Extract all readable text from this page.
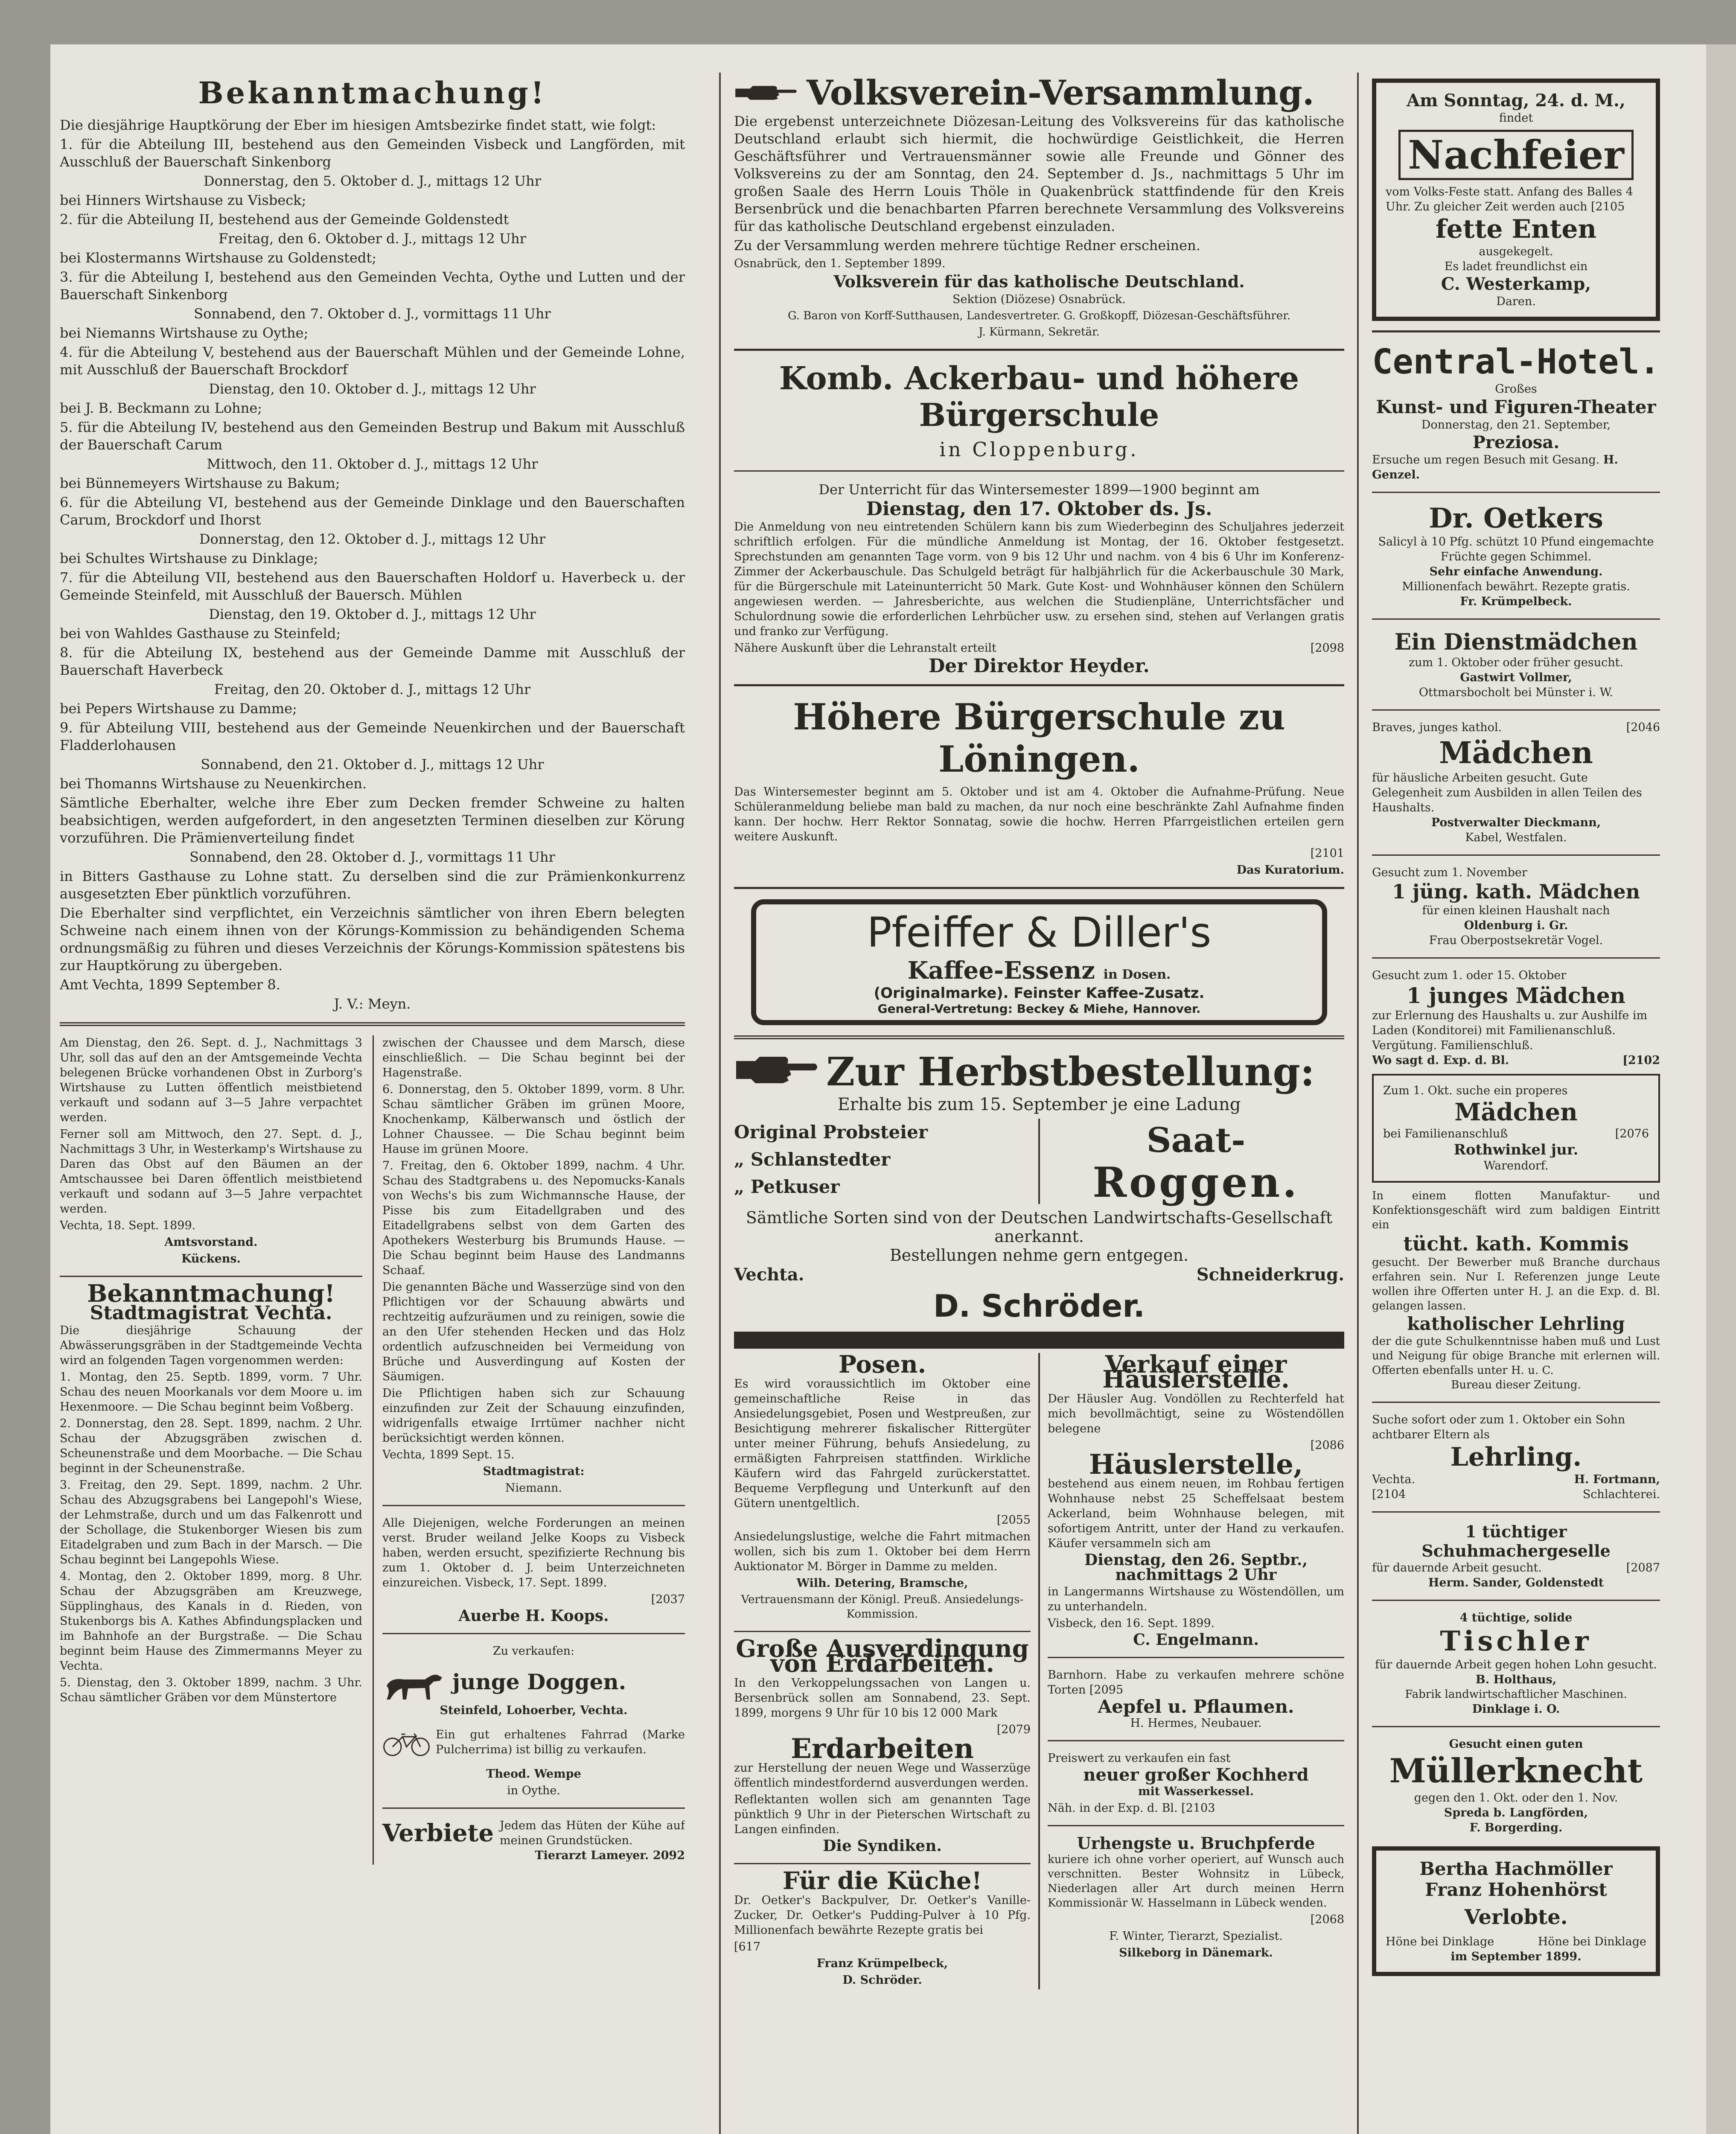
Bekanntmachung!

Die diesjährige Hauptkörung der Eber im hiesigen Amtsbezirke findet statt, wie folgt:

1. für die Abteilung III, bestehend aus den Gemeinden Visbeck und Langförden, mit Ausschluß der Bauerschaft Sinkenborg

Donnerstag, den 5. Oktober d. J., mittags 12 Uhr

bei Hinners Wirtshause zu Visbeck;

2. für die Abteilung II, bestehend aus der Gemeinde Goldenstedt

Freitag, den 6. Oktober d. J., mittags 12 Uhr

bei Klostermanns Wirtshause zu Goldenstedt;

3. für die Abteilung I, bestehend aus den Gemeinden Vechta, Oythe und Lutten und der Bauerschaft Sinkenborg

Sonnabend, den 7. Oktober d. J., vormittags 11 Uhr

bei Niemanns Wirtshause zu Oythe;

4. für die Abteilung V, bestehend aus der Bauerschaft Mühlen und der Gemeinde Lohne, mit Ausschluß der Bauerschaft Brockdorf

Dienstag, den 10. Oktober d. J., mittags 12 Uhr

bei J. B. Beckmann zu Lohne;

5. für die Abteilung IV, bestehend aus den Gemeinden Bestrup und Bakum mit Ausschluß der Bauerschaft Carum

Mittwoch, den 11. Oktober d. J., mittags 12 Uhr

bei Bünnemeyers Wirtshause zu Bakum;

6. für die Abteilung VI, bestehend aus der Gemeinde Dinklage und den Bauerschaften Carum, Brockdorf und Ihorst

Donnerstag, den 12. Oktober d. J., mittags 12 Uhr

bei Schultes Wirtshause zu Dinklage;

7. für die Abteilung VII, bestehend aus den Bauerschaften Holdorf u. Haverbeck u. der Gemeinde Steinfeld, mit Ausschluß der Bauersch. Mühlen

Dienstag, den 19. Oktober d. J., mittags 12 Uhr

bei von Wahldes Gasthause zu Steinfeld;

8. für die Abteilung IX, bestehend aus der Gemeinde Damme mit Ausschluß der Bauerschaft Haverbeck

Freitag, den 20. Oktober d. J., mittags 12 Uhr

bei Pepers Wirtshause zu Damme;

9. für Abteilung VIII, bestehend aus der Gemeinde Neuenkirchen und der Bauerschaft Fladderlohausen

Sonnabend, den 21. Oktober d. J., mittags 12 Uhr

bei Thomanns Wirtshause zu Neuenkirchen.

Sämtliche Eberhalter, welche ihre Eber zum Decken fremder Schweine zu halten beabsichtigen, werden aufgefordert, in den angesetzten Terminen dieselben zur Körung vorzuführen. Die Prämienverteilung findet

Sonnabend, den 28. Oktober d. J., vormittags 11 Uhr

in Bitters Gasthause zu Lohne statt. Zu derselben sind die zur Prämienkonkurrenz ausgesetzten Eber pünktlich vorzuführen.

Die Eberhalter sind verpflichtet, ein Verzeichnis sämtlicher von ihren Ebern belegten Schweine nach einem ihnen von der Körungs-Kommission zu behändigenden Schema ordnungsmäßig zu führen und dieses Verzeichnis der Körungs-Kommission spätestens bis zur Hauptkörung zu übergeben.

Amt Vechta, 1899 September 8.

J. V.: Meyn.

Am Dienstag, den 26. Sept. d. J., Nachmittags 3 Uhr, soll das auf den an der Amtsgemeinde Vechta belegenen Brücke vorhandenen Obst in Zurborg's Wirtshause zu Lutten öffentlich meistbietend verkauft und sodann auf 3—5 Jahre verpachtet werden.

Ferner soll am Mittwoch, den 27. Sept. d. J., Nachmittags 3 Uhr, in Westerkamp's Wirtshause zu Daren das Obst auf den Bäumen an der Amtschaussee bei Daren öffentlich meistbietend verkauft und sodann auf 3—5 Jahre verpachtet werden.

Vechta, 18. Sept. 1899.

Amtsvorstand.

Kückens.

Bekanntmachung!
Stadtmagistrat Vechta.

Die diesjährige Schauung der Abwässerungsgräben in der Stadtgemeinde Vechta wird an folgenden Tagen vorgenommen werden:

1. Montag, den 25. Septb. 1899, vorm. 7 Uhr. Schau des neuen Moorkanals vor dem Moore u. im Hexenmoore. — Die Schau beginnt beim Voßberg.

2. Donnerstag, den 28. Sept. 1899, nachm. 2 Uhr. Schau der Abzugsgräben zwischen d. Scheunenstraße und dem Moorbache. — Die Schau beginnt in der Scheunenstraße.

3. Freitag, den 29. Sept. 1899, nachm. 2 Uhr. Schau des Abzugsgrabens bei Langepohl's Wiese, der Lehmstraße, durch und um das Falkenrott und der Schollage, die Stukenborger Wiesen bis zum Eitadelgraben und zum Bach in der Marsch. — Die Schau beginnt bei Langepohls Wiese.

4. Montag, den 2. Oktober 1899, morg. 8 Uhr. Schau der Abzugsgräben am Kreuzwege, Süpplinghaus, des Kanals in d. Rieden, von Stukenborgs bis A. Kathes Abfindungsplacken und im Bahnhofe an der Burgstraße. — Die Schau beginnt beim Hause des Zimmermanns Meyer zu Vechta.

5. Dienstag, den 3. Oktober 1899, nachm. 3 Uhr. Schau sämtlicher Gräben vor dem Münstertore

zwischen der Chaussee und dem Marsch, diese einschließlich. — Die Schau beginnt bei der Hagenstraße.

6. Donnerstag, den 5. Oktober 1899, vorm. 8 Uhr. Schau sämtlicher Gräben im grünen Moore, Knochenkamp, Kälberwansch und östlich der Lohner Chaussee. — Die Schau beginnt beim Hause im grünen Moore.

7. Freitag, den 6. Oktober 1899, nachm. 4 Uhr. Schau des Stadtgrabens u. des Nepomucks-Kanals von Wechs's bis zum Wichmannsche Hause, der Pisse bis zum Eitadellgraben und des Eitadellgrabens selbst von dem Garten des Apothekers Westerburg bis Brumunds Hause. — Die Schau beginnt beim Hause des Landmanns Schaaf.

Die genannten Bäche und Wasserzüge sind von den Pflichtigen vor der Schauung abwärts und rechtzeitig aufzuräumen und zu reinigen, sowie die an den Ufer stehenden Hecken und das Holz ordentlich aufzuschneiden bei Vermeidung von Brüche und Ausverdingung auf Kosten der Säumigen.

Die Pflichtigen haben sich zur Schauung einzufinden zur Zeit der Schauung einzufinden, widrigenfalls etwaige Irrtümer nachher nicht berücksichtigt werden können.

Vechta, 1899 Sept. 15.

Stadtmagistrat:

Niemann.

Alle Diejenigen, welche Forderungen an meinen verst. Bruder weiland Jelke Koops zu Visbeck haben, werden ersucht, spezifizierte Rechnung bis zum 1. Oktober d. J. beim Unterzeichneten einzureichen. Visbeck, 17. Sept. 1899.

[2037

Auerbe H. Koops.

Zu verkaufen:

junge Doggen.

Steinfeld, Lohoerber, Vechta.

Ein gut erhaltenes Fahrrad (Marke Pulcherrima) ist billig zu verkaufen.

Theod. Wempe

in Oythe.

Verbiete Jedem das Hüten der Kühe auf meinen Grundstücken.

Tierarzt Lameyer. 2092

Volksverein-Versammlung.

Die ergebenst unterzeichnete Diözesan-Leitung des Volksvereins für das katholische Deutschland erlaubt sich hiermit, die hochwürdige Geistlichkeit, die Herren Geschäftsführer und Vertrauensmänner sowie alle Freunde und Gönner des Volksvereins zu der am Sonntag, den 24. September d. Js., nachmittags 5 Uhr im großen Saale des Herrn Louis Thöle in Quakenbrück stattfindende für den Kreis Bersenbrück und die benachbarten Pfarren berechnete Versammlung des Volksvereins für das katholische Deutschland ergebenst einzuladen.

Zu der Versammlung werden mehrere tüchtige Redner erscheinen.

Osnabrück, den 1. September 1899.

Volksverein für das katholische Deutschland.

Sektion (Diözese) Osnabrück.

G. Baron von Korff-Sutthausen, Landesvertreter. G. Großkopff, Diözesan-Geschäftsführer.

J. Kürmann, Sekretär.

Komb. Ackerbau- und höhere Bürgerschule
in Cloppenburg.

Der Unterricht für das Wintersemester 1899—1900 beginnt am

Dienstag, den 17. Oktober ds. Js.

Die Anmeldung von neu eintretenden Schülern kann bis zum Wiederbeginn des Schuljahres jederzeit schriftlich erfolgen. Für die mündliche Anmeldung ist Montag, der 16. Oktober festgesetzt. Sprechstunden am genannten Tage vorm. von 9 bis 12 Uhr und nachm. von 4 bis 6 Uhr im Konferenz-Zimmer der Ackerbauschule. Das Schulgeld beträgt für halbjährlich für die Ackerbauschule 30 Mark, für die Bürgerschule mit Lateinunterricht 50 Mark. Gute Kost- und Wohnhäuser können den Schülern angewiesen werden. — Jahresberichte, aus welchen die Studienpläne, Unterrichtsfächer und Schulordnung sowie die erforderlichen Lehrbücher usw. zu ersehen sind, stehen auf Verlangen gratis und franko zur Verfügung.

Nähere Auskunft über die Lehranstalt erteilt	[2098

Der Direktor Heyder.

Höhere Bürgerschule zu Löningen.

Das Wintersemester beginnt am 5. Oktober und ist am 4. Oktober die Aufnahme-Prüfung. Neue Schüleranmeldung beliebe man bald zu machen, da nur noch eine beschränkte Zahl Aufnahme finden kann. Der hochw. Herr Rektor Sonnatag, sowie die hochw. Herren Pfarrgeistlichen erteilen gern weitere Auskunft.

[2101

Das Kuratorium.

Pfeiffer & Diller's
Kaffee-Essenz in Dosen.
(Originalmarke). Feinster Kaffee-Zusatz.
General-Vertretung: Beckey & Miehe, Hannover.
Zur Herbstbestellung:
Erhalte bis zum 15. September je eine Ladung
Original Probsteier
„ Schlanstedter
„ Petkuser
Saat-
Roggen.
Sämtliche Sorten sind von der Deutschen Landwirtschafts-Gesellschaft anerkannt.
Bestellungen nehme gern entgegen.
Vechta.	Schneiderkrug.
D. Schröder.
Posen.

Es wird voraussichtlich im Oktober eine gemeinschaftliche Reise in das Ansiedelungsgebiet, Posen und Westpreußen, zur Besichtigung mehrerer fiskalischer Rittergüter unter meiner Führung, behufs Ansiedelung, zu ermäßigten Fahrpreisen stattfinden. Wirkliche Käufern wird das Fahrgeld zurückerstattet. Bequeme Verpflegung und Unterkunft auf den Gütern unentgeltlich.

[2055

Ansiedelungslustige, welche die Fahrt mitmachen wollen, sich bis zum 1. Oktober bei dem Herrn Auktionator M. Börger in Damme zu melden.

Wilh. Detering, Bramsche,

Vertrauensmann der Königl. Preuß. Ansiedelungs-Kommission.

Große Ausverdingung von Erdarbeiten.

In den Verkoppelungssachen von Langen u. Bersenbrück sollen am Sonnabend, 23. Sept. 1899, morgens 9 Uhr für 10 bis 12 000 Mark

[2079

Erdarbeiten

zur Herstellung der neuen Wege und Wasserzüge öffentlich mindestfordernd ausverdungen werden.

Reflektanten wollen sich am genannten Tage pünktlich 9 Uhr in der Pieterschen Wirtschaft zu Langen einfinden.

Die Syndiken.

Für die Küche!

Dr. Oetker's Backpulver, Dr. Oetker's Vanille-Zucker, Dr. Oetker's Pudding-Pulver à 10 Pfg. Millionenfach bewährte Rezepte gratis bei

[617

Franz Krümpelbeck,

D. Schröder.

Verkauf einer Häuslerstelle.

Der Häusler Aug. Vondöllen zu Rechterfeld hat mich bevollmächtigt, seine zu Wöstendöllen belegene

[2086

Häuslerstelle,

bestehend aus einem neuen, im Rohbau fertigen Wohnhause nebst 25 Scheffelsaat bestem Ackerland, beim Wohnhause belegen, mit sofortigem Antritt, unter der Hand zu verkaufen. Käufer versammeln sich am

Dienstag, den 26. Septbr., nachmittags 2 Uhr

in Langermanns Wirtshause zu Wöstendöllen, um zu unterhandeln.

Visbeck, den 16. Sept. 1899.

C. Engelmann.

Barnhorn. Habe zu verkaufen mehrere schöne Torten [2095

Aepfel u. Pflaumen.

H. Hermes, Neubauer.

Preiswert zu verkaufen ein fast

neuer großer Kochherd

mit Wasserkessel.

Näh. in der Exp. d. Bl. [2103

Urhengste u. Bruchpferde

kuriere ich ohne vorher operiert, auf Wunsch auch verschnitten. Bester Wohnsitz in Lübeck, Niederlagen aller Art durch meinen Herrn Kommissionär W. Hasselmann in Lübeck wenden.

[2068

F. Winter, Tierarzt, Spezialist.

Silkeborg in Dänemark.

Am Sonntag, 24. d. M.,
findet
Nachfeier
vom Volks-Feste statt. Anfang des Balles 4 Uhr. Zu gleicher Zeit werden auch [2105
fette Enten
ausgekegelt.
Es ladet freundlichst ein
C. Westerkamp,
Daren.
Central-Hotel.
Großes
Kunst- und Figuren-Theater
Donnerstag, den 21. September,
Preziosa.
Ersuche um regen Besuch mit Gesang. H. Genzel.
Dr. Oetkers
Salicyl à 10 Pfg. schützt 10 Pfund eingemachte Früchte gegen Schimmel.
Sehr einfache Anwendung.
Millionenfach bewährt. Rezepte gratis.
Fr. Krümpelbeck.
Ein Dienstmädchen
zum 1. Oktober oder früher gesucht.
Gastwirt Vollmer,
Ottmarsbocholt bei Münster i. W.
Braves, junges kathol.	[2046
Mädchen
für häusliche Arbeiten gesucht. Gute Gelegenheit zum Ausbilden in allen Teilen des Haushalts.
Postverwalter Dieckmann,
Kabel, Westfalen.
Gesucht zum 1. November
1 jüng. kath. Mädchen
für einen kleinen Haushalt nach
Oldenburg i. Gr.
Frau Oberpostsekretär Vogel.
Gesucht zum 1. oder 15. Oktober
1 junges Mädchen
zur Erlernung des Haushalts u. zur Aushilfe im Laden (Konditorei) mit Familienanschluß. Vergütung. Familienschluß.
Wo sagt d. Exp. d. Bl.	[2102
Zum 1. Okt. suche ein properes
Mädchen
bei Familienanschluß	[2076
Rothwinkel jur.
Warendorf.
In einem flotten Manufaktur- und Konfektionsgeschäft wird zum baldigen Eintritt ein
tücht. kath. Kommis
gesucht. Der Bewerber muß Branche durchaus erfahren sein. Nur I. Referenzen junge Leute wollen ihre Offerten unter H. J. an die Exp. d. Bl. gelangen lassen.
katholischer Lehrling
der die gute Schulkenntnisse haben muß und Lust und Neigung für obige Branche mit erlernen will. Offerten ebenfalls unter H. u. C.
Bureau dieser Zeitung.
Suche sofort oder zum 1. Oktober ein Sohn achtbarer Eltern als
Lehrling.
Vechta.	H. Fortmann,
[2104	Schlachterei.
1 tüchtiger Schuhmachergeselle
für dauernde Arbeit gesucht.	[2087
Herm. Sander, Goldenstedt
4 tüchtige, solide
Tischler
für dauernde Arbeit gegen hohen Lohn gesucht.
B. Holthaus,
Fabrik landwirtschaftlicher Maschinen.
Dinklage i. O.
Gesucht einen guten
Müllerknecht
gegen den 1. Okt. oder den 1. Nov.
Spreda b. Langförden,
F. Borgerding.
Bertha Hachmöller
Franz Hohenhörst
Verlobte.
Höne bei Dinklage	Höne bei Dinklage
im September 1899.
